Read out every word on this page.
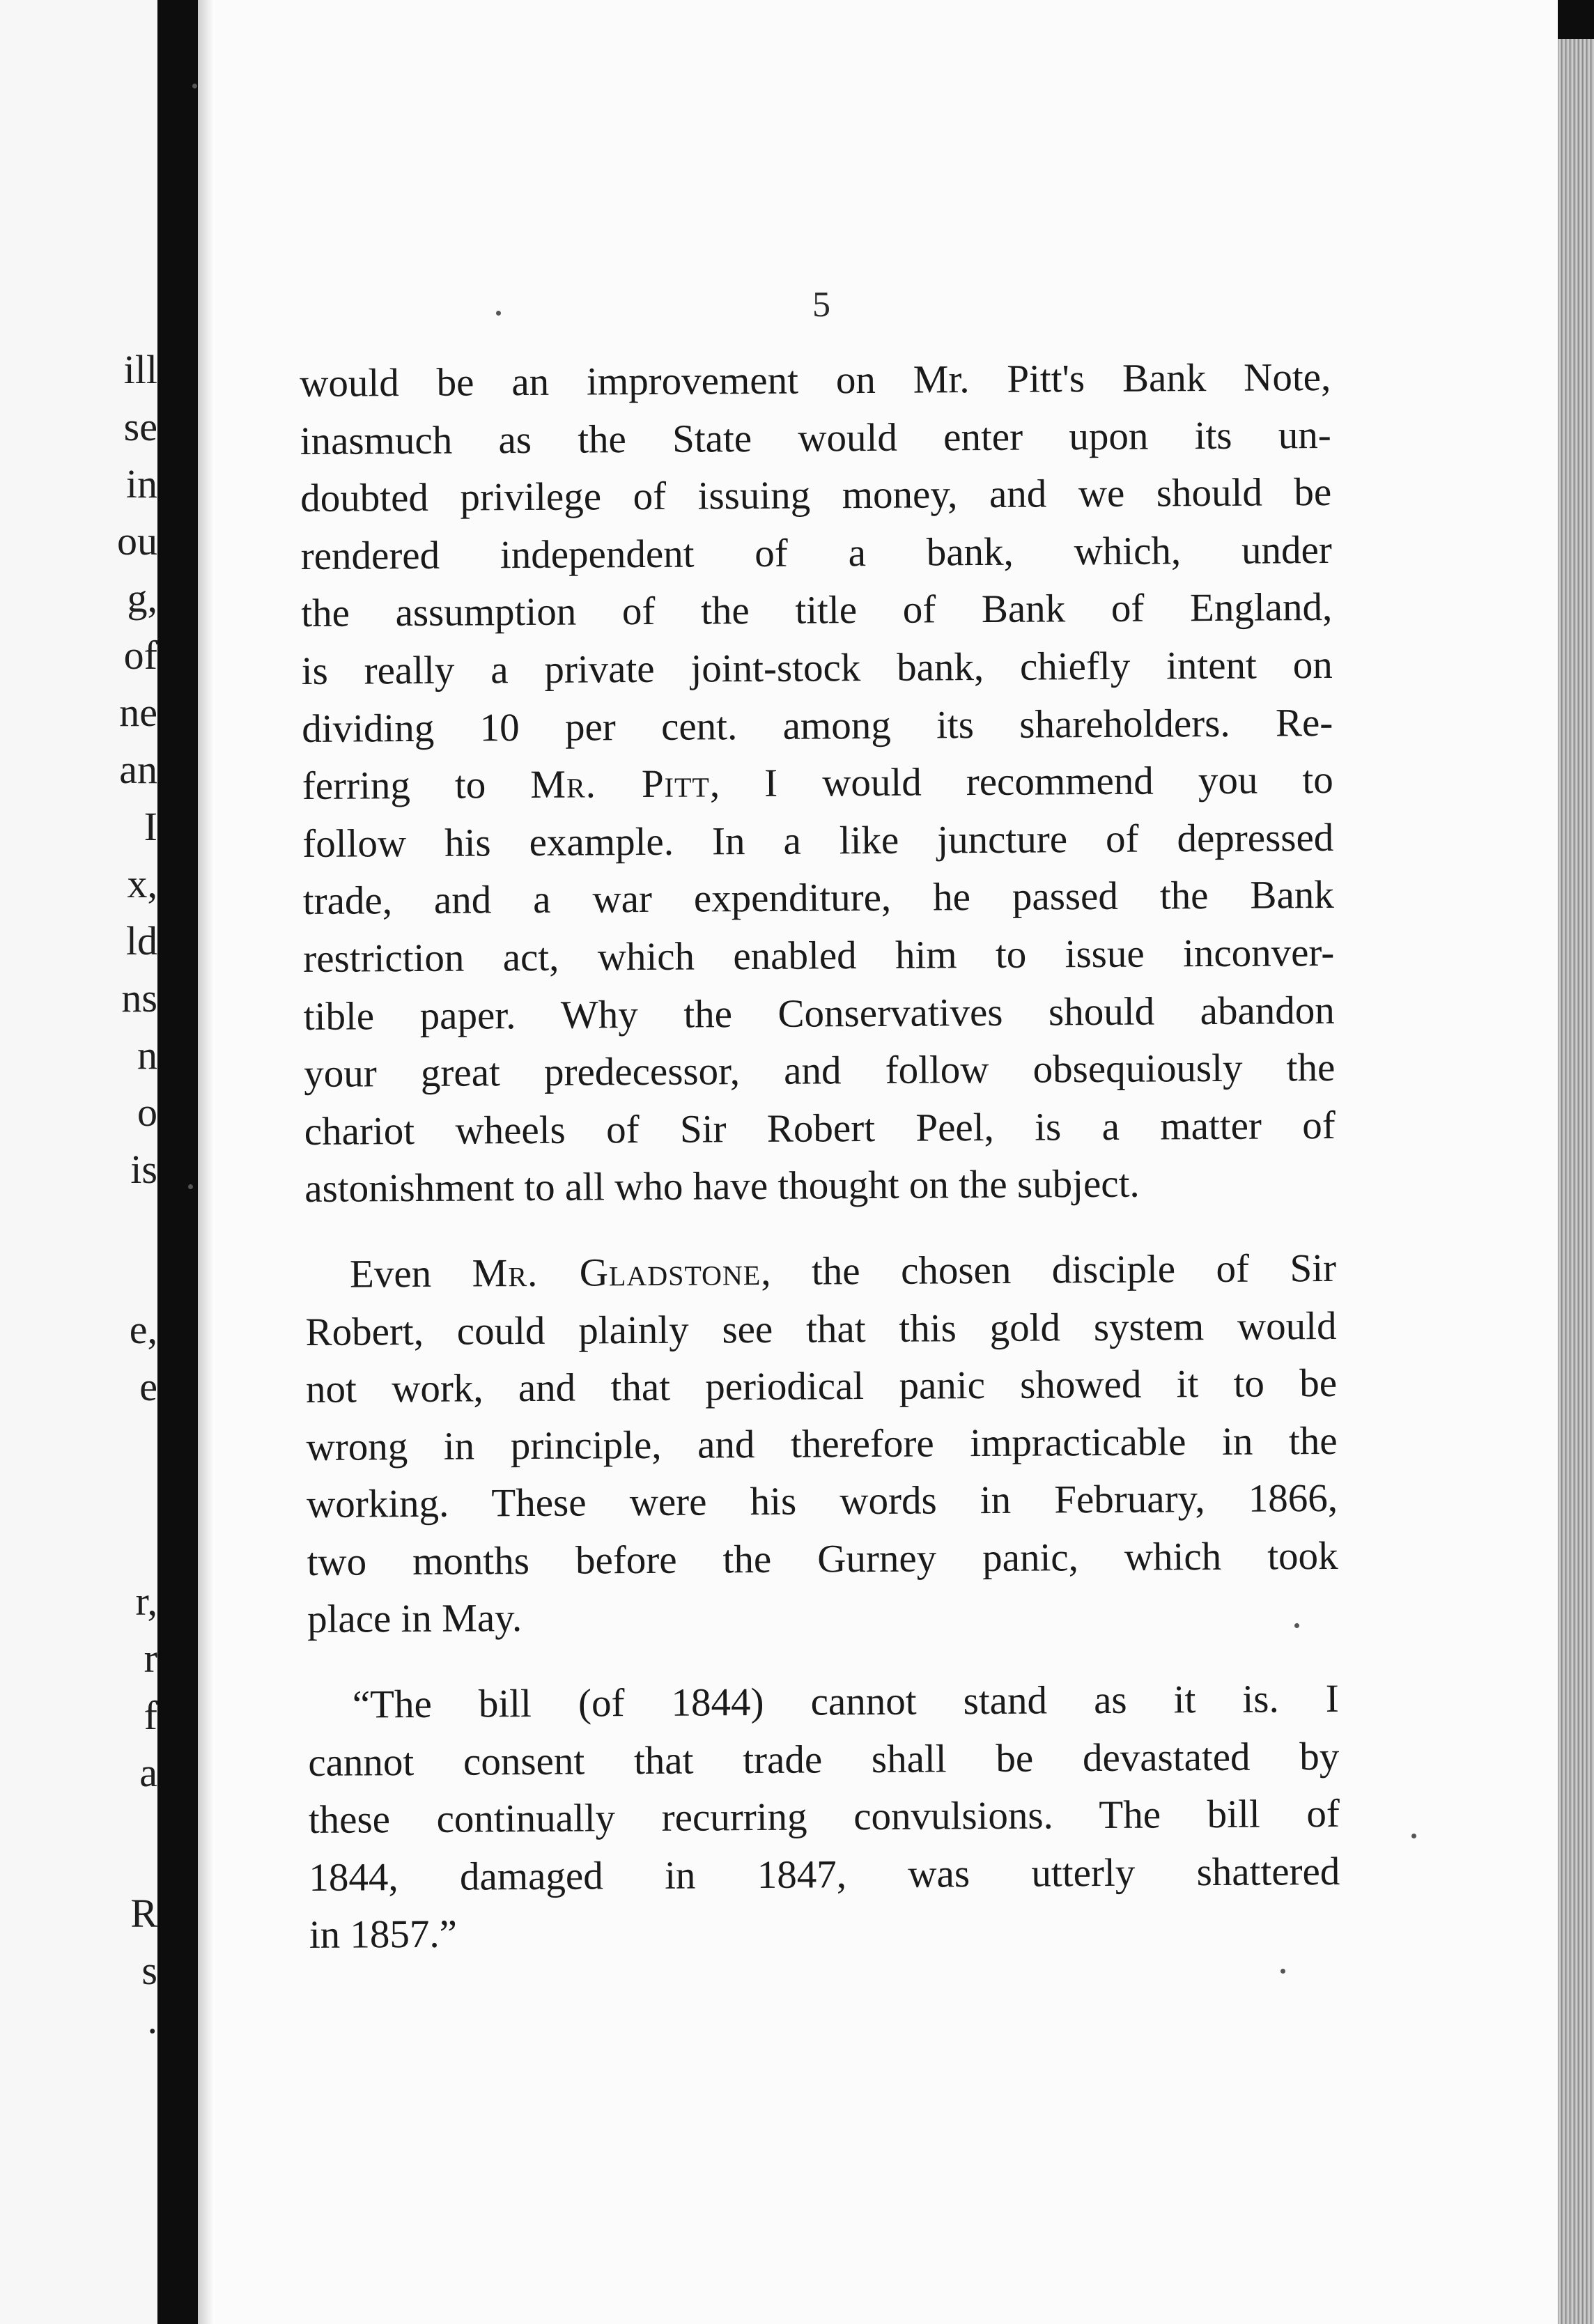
ill
se
in
ou
g,
of
ne
an
I
x,
ld
ns
n
o
is
e,
e
r,
r
f
a
R
s
.
5
would be an improvement on Mr. Pitt's Bank Note,
inasmuch as the State would enter upon its un-
doubted privilege of issuing money, and we should be
rendered independent of a bank, which, under
the assumption of the title of Bank of England,
is really a private joint-stock bank, chiefly intent on
dividing 10 per cent. among its shareholders. Re-
ferring to Mr. Pitt, I would recommend you to
follow his example. In a like juncture of depressed
trade, and a war expenditure, he passed the Bank
restriction act, which enabled him to issue inconver-
tible paper. Why the Conservatives should abandon
your great predecessor, and follow obsequiously the
chariot wheels of Sir Robert Peel, is a matter of
astonishment to all who have thought on the subject.
Even Mr. Gladstone, the chosen disciple of Sir
Robert, could plainly see that this gold system would
not work, and that periodical panic showed it to be
wrong in principle, and therefore impracticable in the
working. These were his words in February, 1866,
two months before the Gurney panic, which took
place in May.
“The bill (of 1844) cannot stand as it is. I
cannot consent that trade shall be devastated by
these continually recurring convulsions. The bill of
1844, damaged in 1847, was utterly shattered
in 1857.”
